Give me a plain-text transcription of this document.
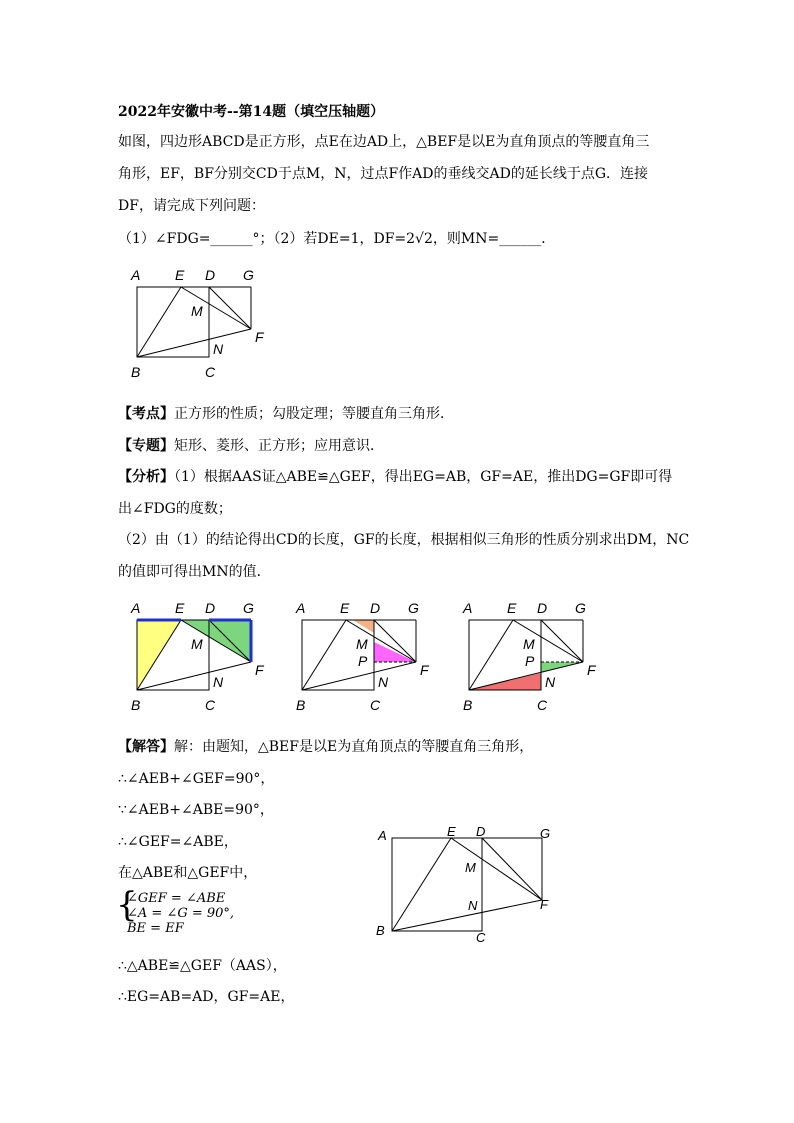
2022年安徽中考--第14题（填空压轴题）
如图，四边形ABCD是正方形，点E在边AD上，△BEF是以E为直角顶点的等腰直角三
角形，EF，BF分别交CD于点M，N，过点F作AD的垂线交AD的延长线于点G．连接
DF，请完成下列问题：
（1）∠FDG=______°；（2）若DE=1，DF=2√2，则MN=______．
A E D G
M
F
N
B	C
【考点】正方形的性质；勾股定理；等腰直角三角形．
【专题】矩形、菱形、正方形；应用意识．
【分析】（1）根据AAS证△ABE≌△GEF，得出EG=AB，GF=AE，推出DG=GF即可得
出∠FDG的度数；
（2）由（1）的结论得出CD的长度，GF的长度，根据相似三角形的性质分别求出DM，NC
的值即可得出MN的值．
A E D G
M
F
N
B	C
A E D G
M
P
F
N
B	C
A E D G
M
P
F
N
B	C
【解答】解：由题知，△BEF是以E为直角顶点的等腰直角三角形，
∴∠AEB+∠GEF=90°，
∵∠AEB+∠ABE=90°，
∴∠GEF=∠ABE，
在△ABE和△GEF中，
{
∠GEF = ∠ABE
∠A = ∠G = 90°,
BE = EF
∴△ABE≌△GEF（AAS），
∴EG=AB=AD，GF=AE，
A	E D	G
M
F
N
B	C
